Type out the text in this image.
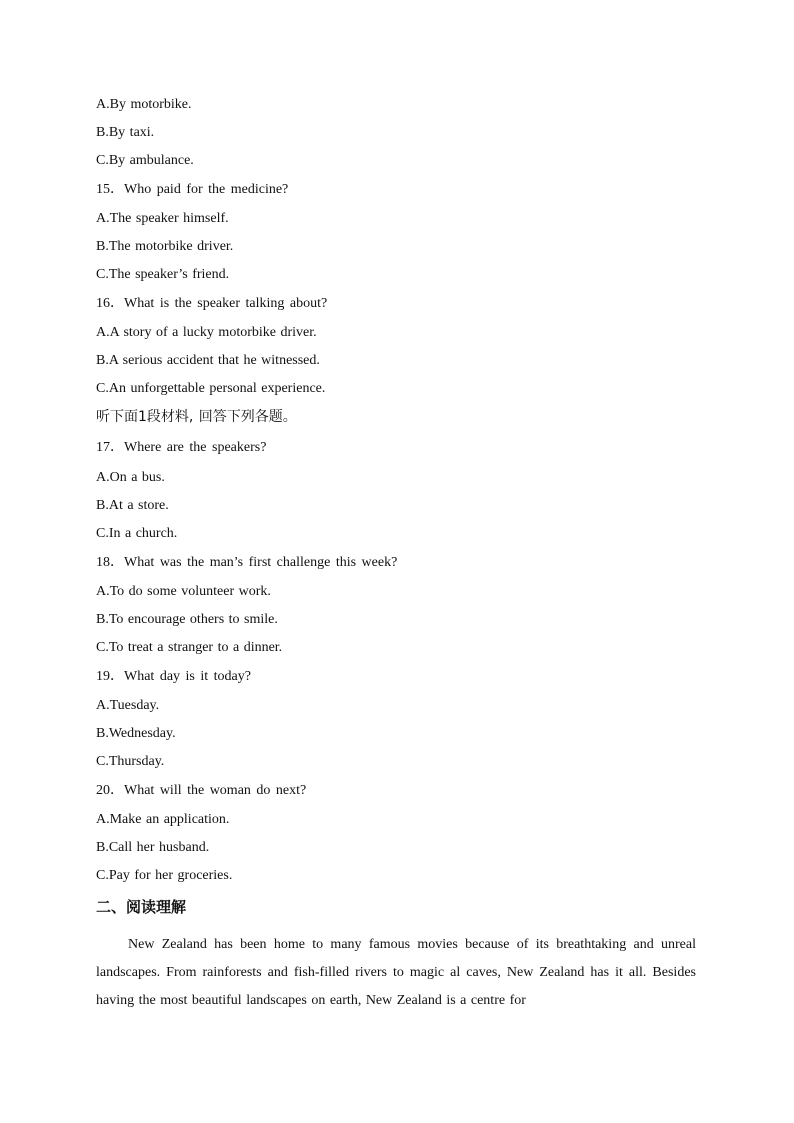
A.By motorbike.
B.By taxi.
C.By ambulance.
15．Who paid for the medicine?
A.The speaker himself.
B.The motorbike driver.
C.The speaker’s friend.
16．What is the speaker talking about?
A.A story of a lucky motorbike driver.
B.A serious accident that he witnessed.
C.An unforgettable personal experience.
听下面1段材料, 回答下列各题。
17．Where are the speakers?
A.On a bus.
B.At a store.
C.In a church.
18．What was the man’s first challenge this week?
A.To do some volunteer work.
B.To encourage others to smile.
C.To treat a stranger to a dinner.
19．What day is it today?
A.Tuesday.
B.Wednesday.
C.Thursday.
20．What will the woman do next?
A.Make an application.
B.Call her husband.
C.Pay for her groceries.
二、阅读理解
New Zealand has been home to many famous movies because of its breathtaking and unreal landscapes. From rainforests and fish-filled rivers to magic al caves, New Zealand has it all. Besides having the most beautiful landscapes on earth, New Zealand is a centre for
